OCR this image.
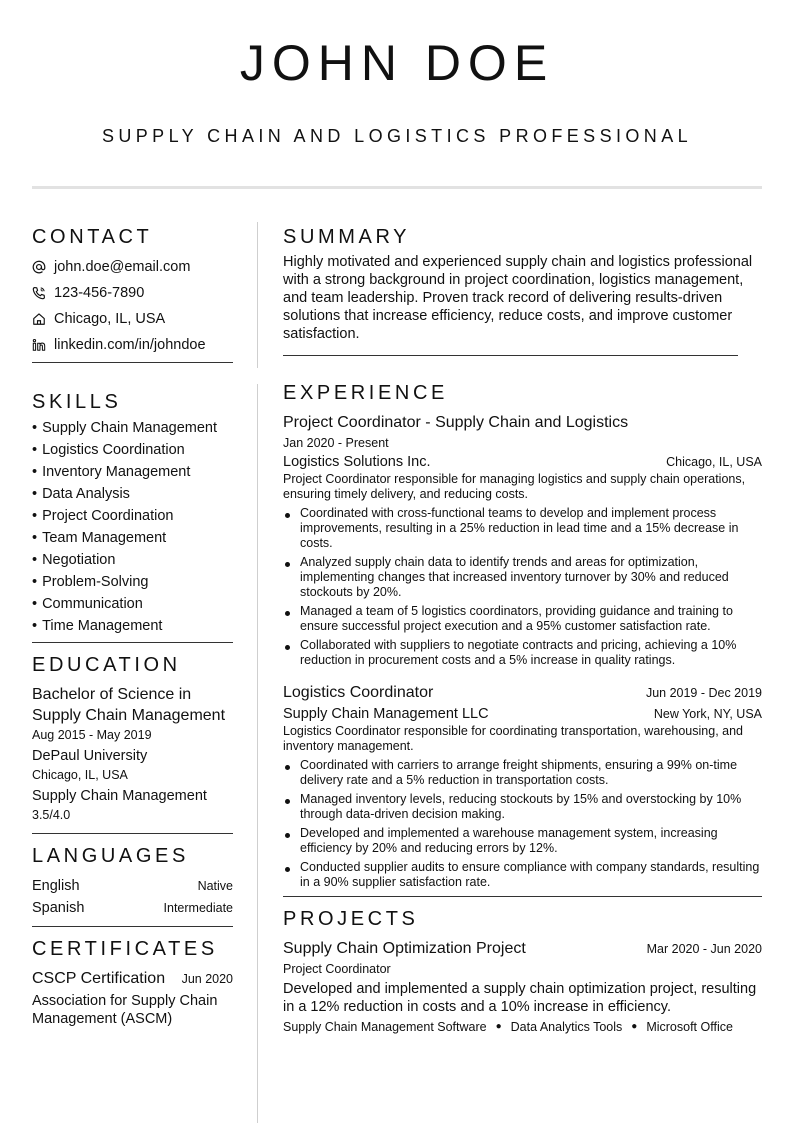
JOHN DOE
SUPPLY CHAIN AND LOGISTICS PROFESSIONAL
CONTACT
john.doe@email.com
123-456-7890
Chicago, IL, USA
linkedin.com/in/johndoe
SKILLS
• Supply Chain Management
• Logistics Coordination
• Inventory Management
• Data Analysis
• Project Coordination
• Team Management
• Negotiation
• Problem-Solving
• Communication
• Time Management
EDUCATION
Bachelor of Science in Supply Chain Management
Aug 2015 - May 2019
DePaul University
Chicago, IL, USA
Supply Chain Management
3.5/4.0
LANGUAGES
English	Native
Spanish	Intermediate
CERTIFICATES
CSCP Certification Jun 2020
Association for Supply Chain Management (ASCM)
SUMMARY

Highly motivated and experienced supply chain and logistics professional with a strong background in project coordination, logistics management, and team leadership. Proven track record of delivering results-driven solutions that increase efficiency, reduce costs, and improve customer satisfaction.

EXPERIENCE
Project Coordinator - Supply Chain and Logistics
Jan 2020 - Present
Logistics Solutions Inc.	Chicago, IL, USA
Project Coordinator responsible for managing logistics and supply chain operations, ensuring timely delivery, and reducing costs.
Coordinated with cross-functional teams to develop and implement process improvements, resulting in a 25% reduction in lead time and a 15% decrease in costs.
Analyzed supply chain data to identify trends and areas for optimization, implementing changes that increased inventory turnover by 30% and reduced stockouts by 20%.
Managed a team of 5 logistics coordinators, providing guidance and training to ensure successful project execution and a 95% customer satisfaction rate.
Collaborated with suppliers to negotiate contracts and pricing, achieving a 10% reduction in procurement costs and a 5% increase in quality ratings.
Logistics Coordinator	Jun 2019 - Dec 2019
Supply Chain Management LLC	New York, NY, USA
Logistics Coordinator responsible for coordinating transportation, warehousing, and inventory management.
Coordinated with carriers to arrange freight shipments, ensuring a 99% on-time delivery rate and a 5% reduction in transportation costs.
Managed inventory levels, reducing stockouts by 15% and overstocking by 10% through data-driven decision making.
Developed and implemented a warehouse management system, increasing efficiency by 20% and reducing errors by 12%.
Conducted supplier audits to ensure compliance with company standards, resulting in a 90% supplier satisfaction rate.
PROJECTS
Supply Chain Optimization Project	Mar 2020 - Jun 2020
Project Coordinator

Developed and implemented a supply chain optimization project, resulting in a 12% reduction in costs and a 10% increase in efficiency.

Supply Chain Management Software ● Data Analytics Tools ● Microsoft Office
